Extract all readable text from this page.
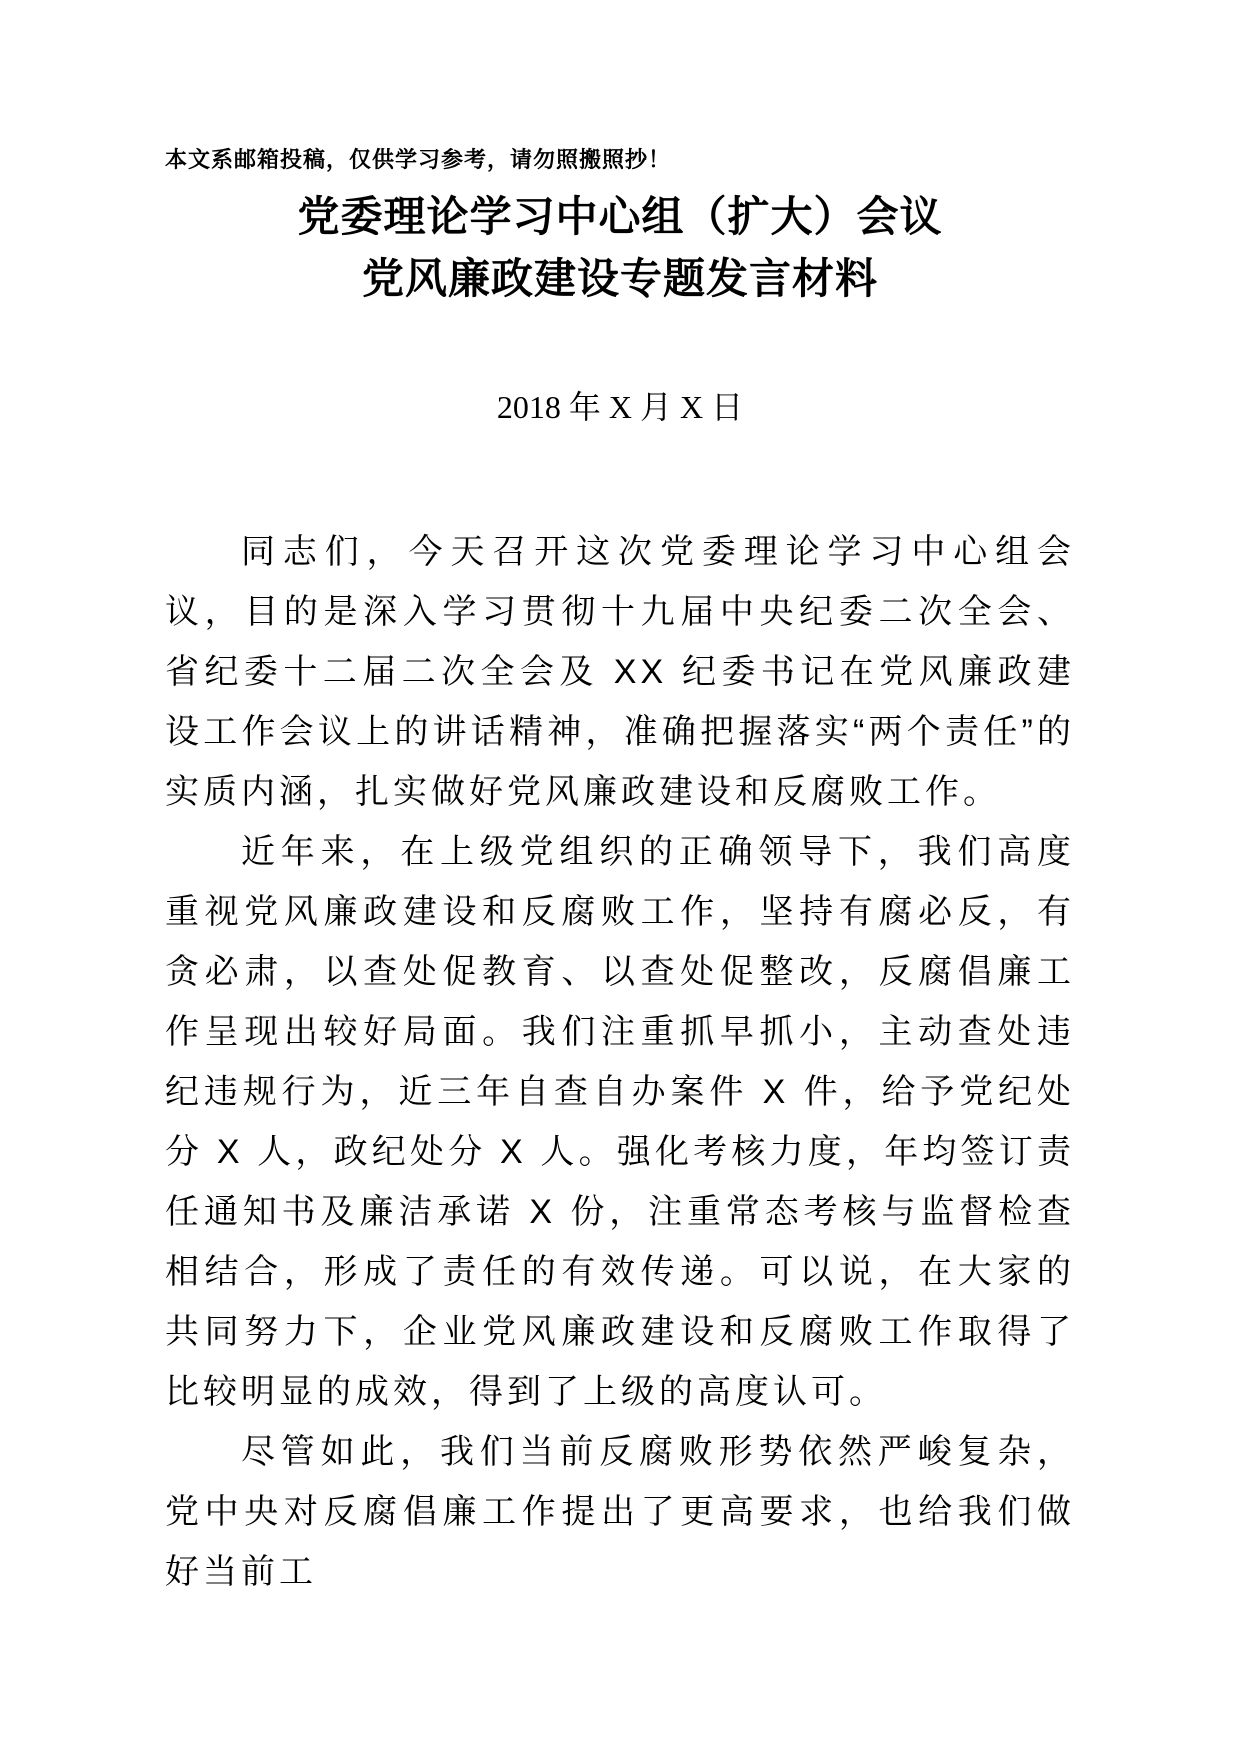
本文系邮箱投稿，仅供学习参考，请勿照搬照抄！
党委理论学习中心组（扩大）会议
党风廉政建设专题发言材料
2018 年 X 月 X 日

同志们，今天召开这次党委理论学习中心组会议，目的是深入学习贯彻十九届中央纪委二次全会、省纪委十二届二次全会及 XX 纪委书记在党风廉政建设工作会议上的讲话精神，准确把握落实“两个责任”的实质内涵，扎实做好党风廉政建设和反腐败工作。

近年来，在上级党组织的正确领导下，我们高度重视党风廉政建设和反腐败工作，坚持有腐必反，有贪必肃，以查处促教育、以查处促整改，反腐倡廉工作呈现出较好局面。我们注重抓早抓小，主动查处违纪违规行为，近三年自查自办案件 X 件，给予党纪处分 X 人，政纪处分 X 人。强化考核力度，年均签订责任通知书及廉洁承诺 X 份，注重常态考核与监督检查相结合，形成了责任的有效传递。可以说，在大家的共同努力下，企业党风廉政建设和反腐败工作取得了比较明显的成效，得到了上级的高度认可。

尽管如此，我们当前反腐败形势依然严峻复杂，党中央对反腐倡廉工作提出了更高要求，也给我们做好当前工
